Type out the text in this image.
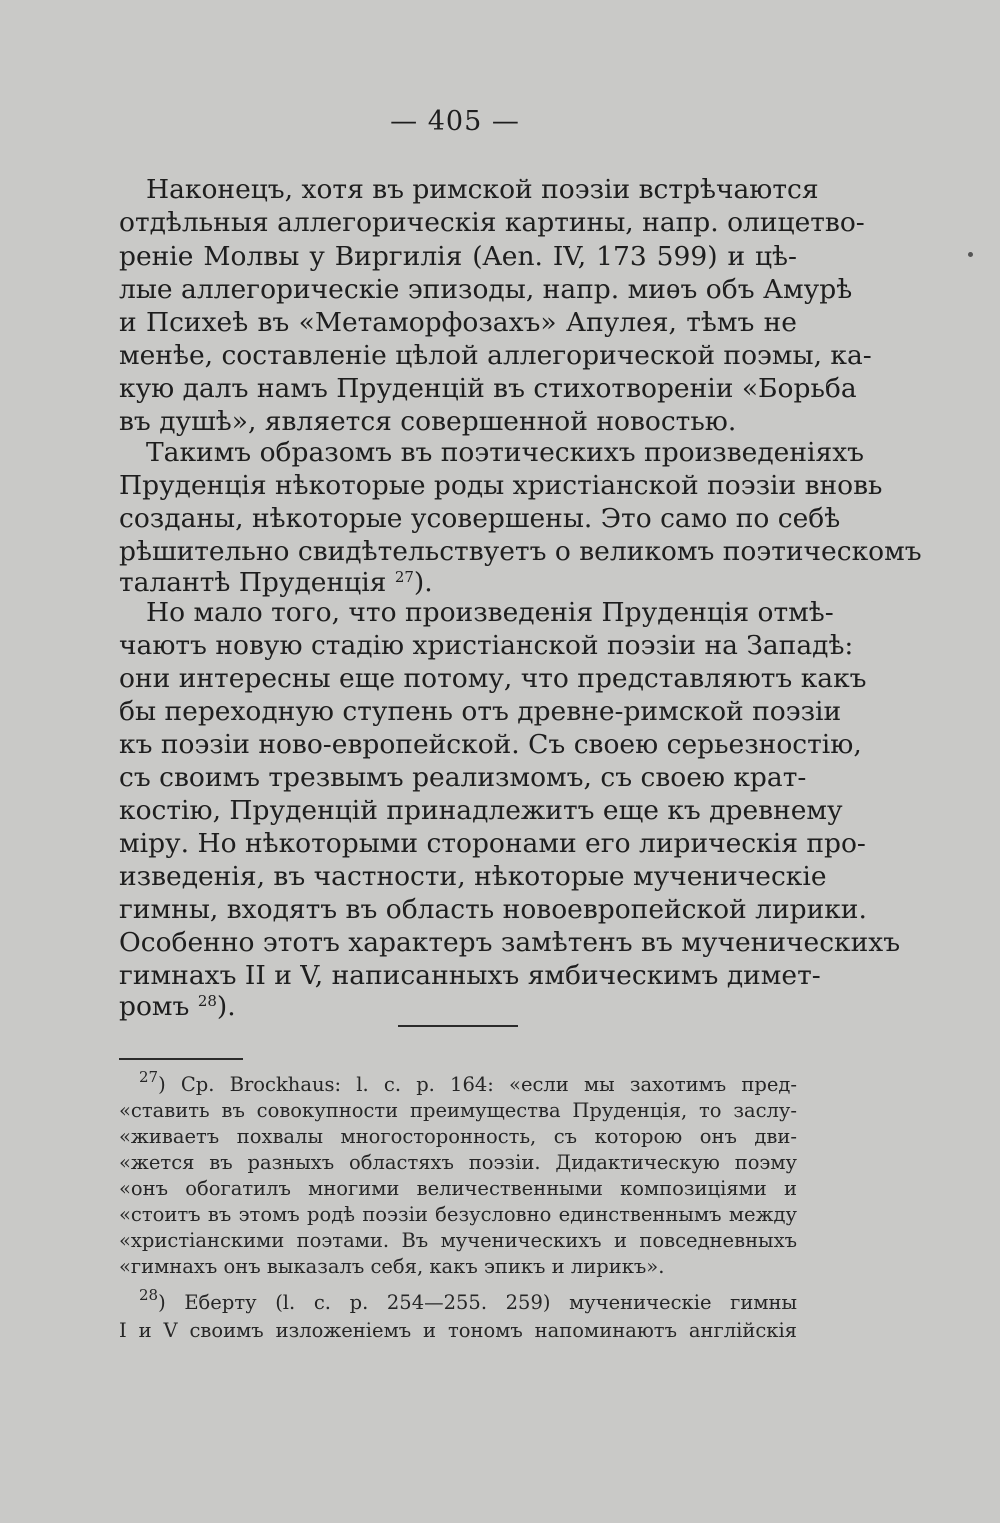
— 405 —

Наконецъ, хотя въ римской поэзіи встрѣчаются

отдѣльныя аллегорическія картины, напр. олицетво-

реніе Молвы у Виргилія (Aen. IV, 173 599) и цѣ-

лые аллегорическіе эпизоды, напр. миѳъ объ Амурѣ

и Психеѣ въ «Метаморфозахъ» Апулея, тѣмъ не

менѣе, составленіе цѣлой аллегорической поэмы, ка-

кую далъ намъ Пруденцій въ стихотвореніи «Борьба

въ душѣ», является совершенной новостью.

Такимъ образомъ въ поэтическихъ произведеніяхъ

Пруденція нѣкоторые роды христіанской поэзіи вновь

созданы, нѣкоторые усовершены. Это само по себѣ

рѣшительно свидѣтельствуетъ о великомъ поэтическомъ

талантѣ Пруденція $^{27}$).

Но мало того, что произведенія Пруденція отмѣ-

чаютъ новую стадію христіанской поэзіи на Западѣ:

они интересны еще потому, что представляютъ какъ

бы переходную ступень отъ древне-римской поэзіи

къ поэзіи ново-европейской. Съ своею серьезностію,

съ своимъ трезвымъ реализмомъ, съ своею крат-

костію, Пруденцій принадлежитъ еще къ древнему

міру. Но нѣкоторыми сторонами его лирическія про-

изведенія, въ частности, нѣкоторые мученическіе

гимны, входятъ въ область новоевропейской лирики.

Особенно этотъ характеръ замѣтенъ въ мученическихъ

гимнахъ II и V, написанныхъ ямбическимъ димет-

ромъ $^{28}$).

$^{27}$) Ср. Brockhaus: l. c. p. 164: «если мы захотимъ пред-

«ставить въ совокупности преимущества Пруденція, то заслу-

«живаетъ похвалы многосторонность, съ которою онъ дви-

«жется въ разныхъ областяхъ поэзіи. Дидактическую поэму

«онъ обогатилъ многими величественными композиціями и

«стоитъ въ этомъ родѣ поэзіи безусловно единственнымъ между

«христіанскими поэтами. Въ мученическихъ и повседневныхъ

«гимнахъ онъ выказалъ себя, какъ эпикъ и лирикъ».

$^{28}$) Еберту (l. c. p. 254—255. 259) мученическіе гимны

I и V своимъ изложеніемъ и тономъ напоминаютъ англійскія
